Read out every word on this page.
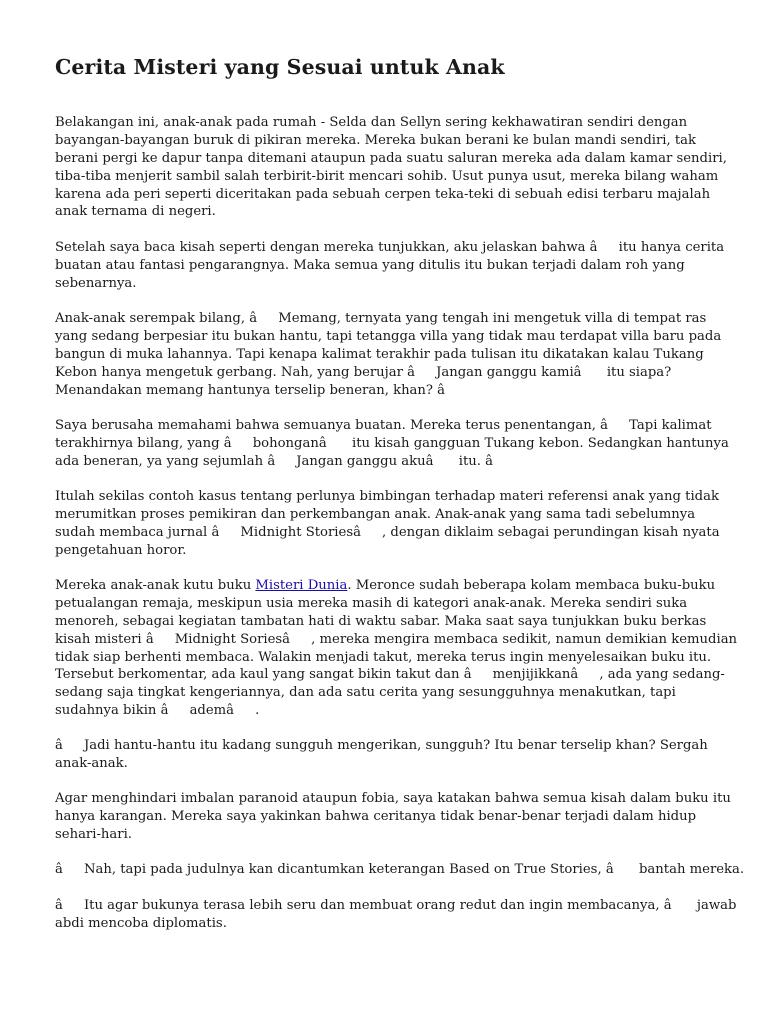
Cerita Misteri yang Sesuai untuk Anak

Belakangan ini, anak-anak pada rumah - Selda dan Sellyn sering kekhawatiran sendiri dengan
bayangan-bayangan buruk di pikiran mereka. Mereka bukan berani ke bulan mandi sendiri, tak
berani pergi ke dapur tanpa ditemani ataupun pada suatu saluran mereka ada dalam kamar sendiri,
tiba-tiba menjerit sambil salah terbirit-birit mencari sohib. Usut punya usut, mereka bilang waham
karena ada peri seperti diceritakan pada sebuah cerpen teka-teki di sebuah edisi terbaru majalah
anak ternama di negeri.

Setelah saya baca kisah seperti dengan mereka tunjukkan, aku jelaskan bahwa âitu hanya cerita
buatan atau fantasi pengarangnya. Maka semua yang ditulis itu bukan terjadi dalam roh yang
sebenarnya.

Anak-anak serempak bilang, âMemang, ternyata yang tengah ini mengetuk villa di tempat ras
yang sedang berpesiar itu bukan hantu, tapi tetangga villa yang tidak mau terdapat villa baru pada
bangun di muka lahannya. Tapi kenapa kalimat terakhir pada tulisan itu dikatakan kalau Tukang
Kebon hanya mengetuk gerbang. Nah, yang berujar âJangan ganggu kamiâ itu siapa?
Menandakan memang hantunya terselip beneran, khan? â

Saya berusaha memahami bahwa semuanya buatan. Mereka terus penentangan, âTapi kalimat
terakhirnya bilang, yang âbohonganâ itu kisah gangguan Tukang kebon. Sedangkan hantunya
ada beneran, ya yang sejumlah âJangan ganggu akuâ itu. â

Itulah sekilas contoh kasus tentang perlunya bimbingan terhadap materi referensi anak yang tidak
merumitkan proses pemikiran dan perkembangan anak. Anak-anak yang sama tadi sebelumnya
sudah membaca jurnal âMidnight Storiesâ, dengan diklaim sebagai perundingan kisah nyata
pengetahuan horor.

Mereka anak-anak kutu buku Misteri Dunia. Meronce sudah beberapa kolam membaca buku-buku
petualangan remaja, meskipun usia mereka masih di kategori anak-anak. Mereka sendiri suka
menoreh, sebagai kegiatan tambatan hati di waktu sabar. Maka saat saya tunjukkan buku berkas
kisah misteri âMidnight Soriesâ, mereka mengira membaca sedikit, namun demikian kemudian
tidak siap berhenti membaca. Walakin menjadi takut, mereka terus ingin menyelesaikan buku itu.
Tersebut berkomentar, ada kaul yang sangat bikin takut dan âmenjijikkanâ, ada yang sedang-
sedang saja tingkat kengeriannya, dan ada satu cerita yang sesungguhnya menakutkan, tapi
sudahnya bikin âademâ.

âJadi hantu-hantu itu kadang sungguh mengerikan, sungguh? Itu benar terselip khan? Sergah
anak-anak.

Agar menghindari imbalan paranoid ataupun fobia, saya katakan bahwa semua kisah dalam buku itu
hanya karangan. Mereka saya yakinkan bahwa ceritanya tidak benar-benar terjadi dalam hidup
sehari-hari.

âNah, tapi pada judulnya kan dicantumkan keterangan Based on True Stories, â bantah mereka.

âItu agar bukunya terasa lebih seru dan membuat orang redut dan ingin membacanya, â jawab
abdi mencoba diplomatis.
